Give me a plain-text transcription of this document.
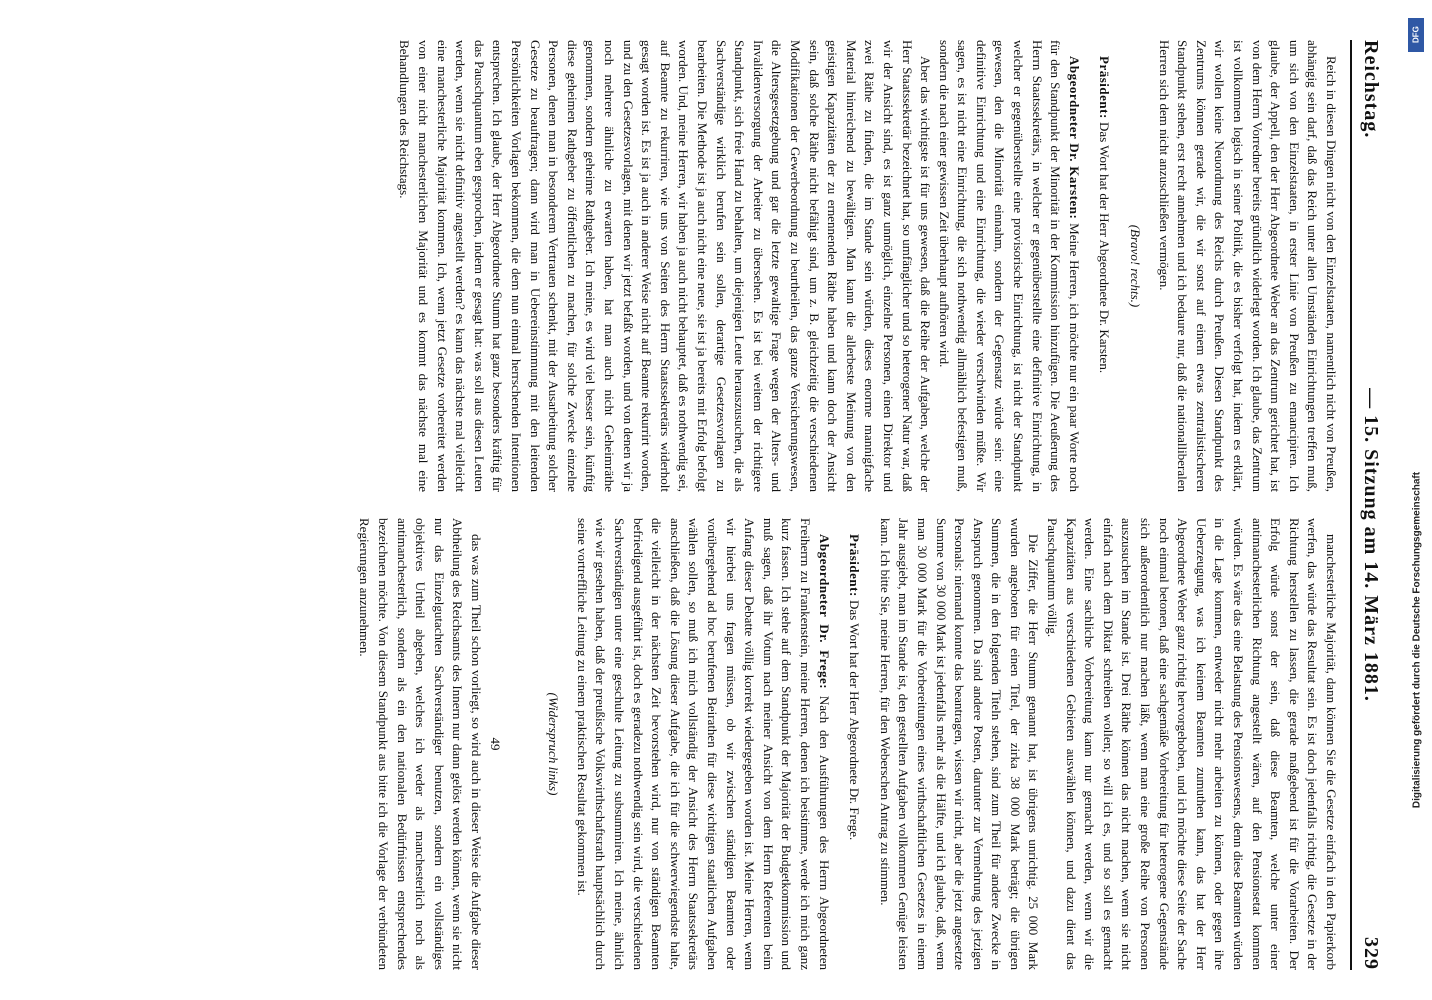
Reichstag.
— 15. Sitzung am 14. März 1881.
329

Reich in diesen Dingen nicht von den Einzelstaaten, namentlich nicht von Preußen, abhängig sein darf, daß das Reich unter allen Umständen Einrichtungen treffen muß, um sich von den Einzelstaaten, in erster Linie von Preußen zu emancipiren. Ich glaube, der Appell, den der Herr Abgeordnete Weber an das Zentrum gerichtet hat, ist von dem Herrn Vorredner bereits gründlich widerlegt worden. Ich glaube, das Zentrum ist vollkommen logisch in seiner Politik, die es bisher verfolgt hat, indem es erklärt, wir wollen keine Neuordnung des Reichs durch Preußen. Diesen Standpunkt des Zentrums können gerade wir, die wir sonst auf einem etwas zentralistischeren Standpunkt stehen, erst recht annehmen und ich bedaure nur, daß die nationalliberalen Herren sich dem nicht anzuschließen vermögen.

(Bravo! rechts.)

Präsident: Das Wort hat der Herr Abgeordnete Dr. Karsten.

Abgeordneter Dr. Karsten: Meine Herren, ich möchte nur ein paar Worte noch für den Standpunkt der Minorität in der Kommission hinzufügen. Die Aeußerung des Herrn Staatssekretärs, in welcher er gegenüberstellte eine definitive Einrichtung, in welcher er gegenüberstellte eine provisorische Einrichtung, ist nicht der Standpunkt gewesen, den die Minorität einnahm, sondern der Gegensatz würde sein: eine definitive Einrichtung und eine Einrichtung, die wieder verschwinden müßte. Wir sagen, es ist nicht eine Einrichtung, die sich nothwendig allmählich befestigen muß, sondern die nach einer gewissen Zeit überhaupt aufhören wird.

Aber das wichtigste ist für uns gewesen, daß die Reihe der Aufgaben, welche der Herr Staatssekretär bezeichnet hat, so umfänglicher und so heterogener Natur war, daß wir der Ansicht sind, es ist ganz unmöglich, einzelne Personen, einen Direktor und zwei Räthe zu finden, die im Stande sein würden, dieses enorme mannigfache Material hinreichend zu bewältigen. Man kann die allerbeste Meinung von den geistigen Kapazitäten der zu ernennenden Räthe haben und kann doch der Ansicht sein, daß solche Räthe nicht befähigt sind, um z. B. gleichzeitig die verschiedenen Modifikationen der Gewerbeordnung zu beurtheilen, das ganze Versicherungswesen, die Altersgesetzgebung und gar die letzte gewaltige Frage wegen der Alters- und Invalidenversorgung der Arbeiter zu übersehen. Es ist bei weitem der richtigere Standpunkt, sich freie Hand zu behalten, um diejenigen Leute herauszusuchen, die als Sachverständige wirklich berufen sein sollen, derartige Gesetzesvorlagen zu bearbeiten. Die Methode ist ja auch nicht eine neue, sie ist ja bereits mit Erfolg befolgt worden. Und, meine Herren, wir haben ja auch nicht behauptet, daß es nothwendig sei, auf Beamte zu rekurriren, wie uns von Seiten des Herrn Staatssekretärs widerholt gesagt worden ist. Es ist ja auch in anderer Weise nicht auf Beamte rekurrirt worden, und zu den Gesetzesvorlagen, mit denen wir jetzt befaßt worden, und von denen wir ja noch mehrere ähnliche zu erwarten haben, hat man auch nicht Geheimräthe genommen, sondern geheime Rathgeber. Ich meine, es wird viel besser sein, künftig diese geheimen Rathgeber zu öffentlichen zu machen, für solche Zwecke einzelne Personen, denen man in besonderem Vertrauen schenkt, mit der Ausarbeitung solcher Gesetze zu beauftragen; dann wird man in Uebereinstimmung mit den leitenden Persönlichkeiten Vorlagen bekommen, die dem nun einmal herrschenden Intentionen entsprechen. Ich glaube, der Herr Abgeordnete Stumm hat ganz besonders kräftig für das Pauschquantum eben gesprochen, indem er gesagt hat: was soll aus diesen Leuten werden, wenn sie nicht definitiv angestellt werden? es kann das nächste mal vielleicht eine manchesterliche Majorität kommen. Ich, wenn jetzt Gesetze vorbereitet werden von einer nicht manchesterlichen Majorität und es kommt das nächste mal eine Behandlungen des Reichstags.

manchesterliche Majorität, dann können Sie die Gesetze einfach in den Papierkorb werfen, das würde das Resultat sein. Es ist doch jedenfalls richtig, die Gesetze in der Richtung herstellen zu lassen, die gerade maßgebend ist für die Vorarbeiten. Der Erfolg würde sonst der sein, daß diese Beamten, welche unter einer antimanchesterlichen Richtung angestellt wären, auf den Pensionsetat kommen würden. Es wäre das eine Belastung des Pensionswesens, denn diese Beamten würden in die Lage kommen, entweder nicht mehr arbeiten zu können, oder gegen ihre Ueberzeugung, was ich keinem Beamten zumuthen kann, das hat der Herr Abgeordnete Weber ganz richtig hervorgehoben, und ich möchte diese Seite der Sache noch einmal betonen, daß eine sachgemäße Vorbereitung für heterogene Gegenstände sich außerordentlich nur machen läßt, wenn man eine große Reihe von Personen auszusuchen im Stande ist. Drei Räthe können das nicht machen, wenn sie nicht einfach nach dem Diktat schreiben wollen; so will ich es, und so soll es gemacht werden. Eine sachliche Vorbereitung kann nur gemacht werden, wenn wir die Kapazitäten aus verschiedenen Gebieten auswählen können, und dazu dient das Pauschquantum völlig.

Die Ziffer, die Herr Stumm genannt hat, ist übrigens unrichtig. 25 000 Mark wurden angeboten für einen Titel, der zirka 38 000 Mark beträgt; die übrigen Summen, die in den folgenden Titeln stehen, sind zum Theil für andere Zwecke in Anspruch genommen. Da sind andere Posten, darunter zur Vermehrung des jetzigen Personals: niemand konnte das beantragen, wissen wir nicht, aber die jetzt angesetzte Summe von 30 000 Mark ist jedenfalls mehr als die Hälfte, und ich glaube, daß, wenn man 30 000 Mark für die Vorbereitungen eines wirthschaftlichen Gesetzes in einem Jahr ausgiebt, man im Stande ist, den gestellten Aufgaben vollkommen Genüge leisten kann. Ich bitte Sie, meine Herren, für den Weberschen Antrag zu stimmen.

Präsident: Das Wort hat der Herr Abgeordnete Dr. Frege.

Abgeordneter Dr. Frege: Nach den Ausführungen des Herrn Abgeordneten Freiherrn zu Frankenstein, meine Herren, denen ich beistimme, werde ich mich ganz kurz fassen. Ich stehe auf dem Standpunkt der Majorität der Budgetkommission und muß sagen, daß ihr Votum nach meiner Ansicht von dem Herrn Referenten beim Anfang dieser Debatte völlig korrekt wiedergegeben worden ist. Meine Herren, wenn wir hierbei uns fragen müssen, ob wir zwischen ständigen Beamten oder vorübergehend ad hoc berufenen Beirathen für diese wichtigen staatlichen Aufgaben wählen sollen, so muß ich mich vollständig der Ansicht des Herrn Staatssekretärs anschließen, daß die Lösung dieser Aufgabe, die ich für die schwerwiegendste halte, die vielleicht in der nächsten Zeit bevorstehen wird, nur von ständigen Beamten befriedigend ausgeführt ist, doch es geradezu nothwendig sein wird, die verschiedenen Sachverständigen unter eine geschulte Leitung zu subsummiren. Ich meine, ähnlich wie wir gesehen haben, daß der preußische Volkswirthschaftsrath hauptsächlich durch seine vortreffliche Leitung zu einem praktischen Resultat gekommen ist.

(Widerspruch links)

49

das was zum Theil schon vorliegt, so wird auch in dieser Weise die Aufgabe dieser Abtheilung des Reichsamts des Innern nur dann gelöst werden können, wenn sie nicht nur das Einzelgutachten Sachverständiger benutzen, sondern ein vollständiges objektives Urtheil abgeben, welches ich weder als manchesterlich noch als antimanchesterlich, sondern als ein den nationalen Bedürfnissen entsprechendes bezeichnen möchte. Von diesem Standpunkt aus bitte ich die Vorlage der verbündeten Regierungen anzunehmen.

DFG
Digitalisierung gefördert durch die Deutsche Forschungsgemeinschaft
